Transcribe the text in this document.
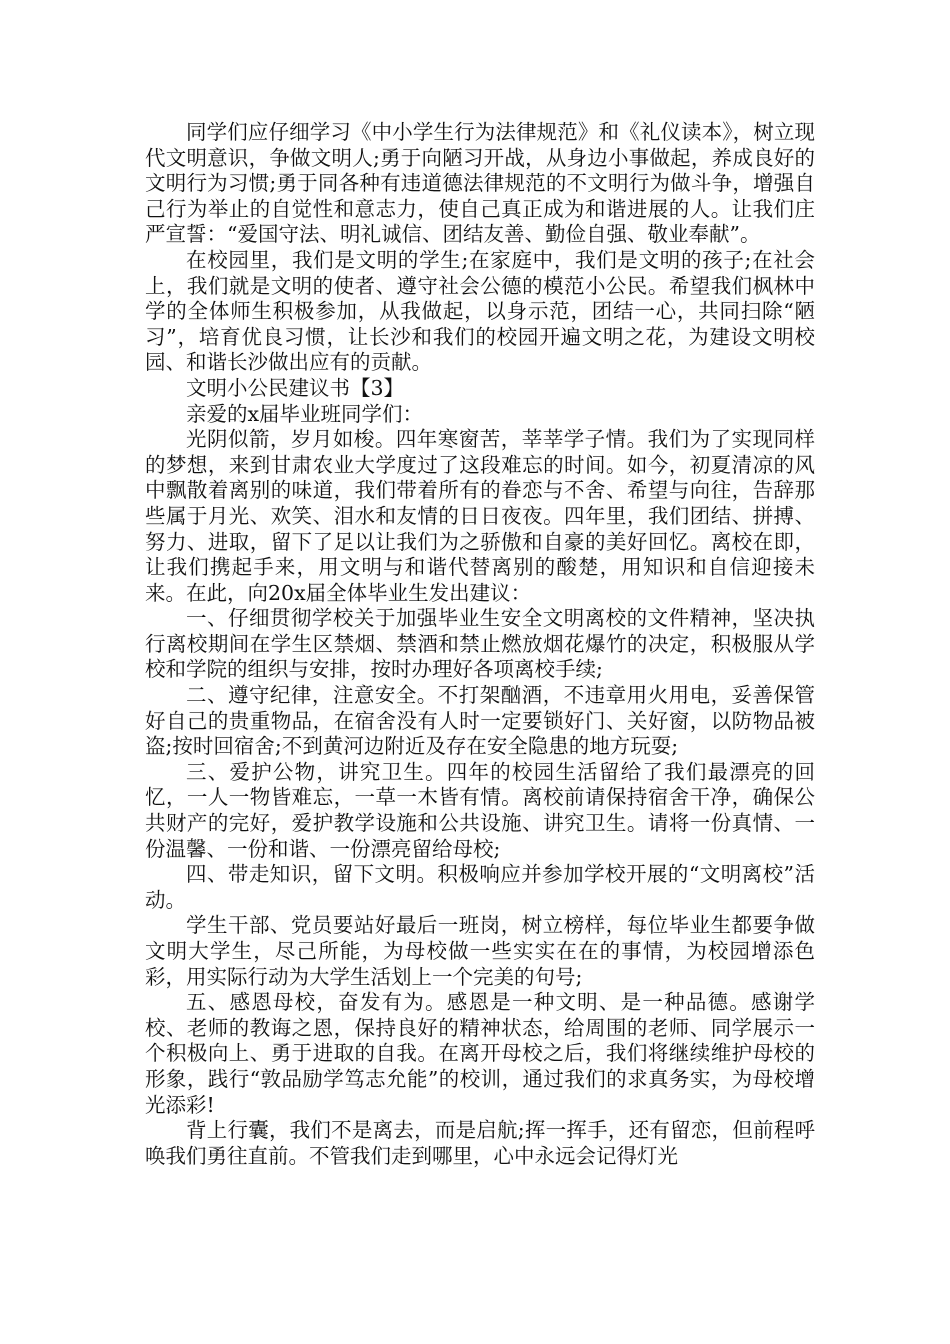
同学们应仔细学习《中小学生行为法律规范》和《礼仪读本》，树立现代文明意识，争做文明人;勇于向陋习开战，从身边小事做起，养成良好的文明行为习惯;勇于同各种有违道德法律规范的不文明行为做斗争，增强自己行为举止的自觉性和意志力，使自己真正成为和谐进展的人。让我们庄严宣誓：“爱国守法、明礼诚信、团结友善、勤俭自强、敬业奉献”。

在校园里，我们是文明的学生;在家庭中，我们是文明的孩子;在社会上，我们就是文明的使者、遵守社会公德的模范小公民。希望我们枫林中学的全体师生积极参加，从我做起，以身示范，团结一心，共同扫除“陋习”，培育优良习惯，让长沙和我们的校园开遍文明之花，为建设文明校园、和谐长沙做出应有的贡献。

文明小公民建议书【3】

亲爱的x届毕业班同学们：

光阴似箭，岁月如梭。四年寒窗苦，莘莘学子情。我们为了实现同样的梦想，来到甘肃农业大学度过了这段难忘的时间。如今，初夏清凉的风中飘散着离别的味道，我们带着所有的眷恋与不舍、希望与向往，告辞那些属于月光、欢笑、泪水和友情的日日夜夜。四年里，我们团结、拼搏、努力、进取，留下了足以让我们为之骄傲和自豪的美好回忆。离校在即，让我们携起手来，用文明与和谐代替离别的酸楚，用知识和自信迎接未来。在此，向20x届全体毕业生发出建议：

一、仔细贯彻学校关于加强毕业生安全文明离校的文件精神，坚决执行离校期间在学生区禁烟、禁酒和禁止燃放烟花爆竹的决定，积极服从学校和学院的组织与安排，按时办理好各项离校手续;

二、遵守纪律，注意安全。不打架酗酒，不违章用火用电，妥善保管好自己的贵重物品，在宿舍没有人时一定要锁好门、关好窗，以防物品被盗;按时回宿舍;不到黄河边附近及存在安全隐患的地方玩耍;

三、爱护公物，讲究卫生。四年的校园生活留给了我们最漂亮的回忆，一人一物皆难忘，一草一木皆有情。离校前请保持宿舍干净，确保公共财产的完好，爱护教学设施和公共设施、讲究卫生。请将一份真情、一份温馨、一份和谐、一份漂亮留给母校;

四、带走知识，留下文明。积极响应并参加学校开展的“文明离校”活动。

学生干部、党员要站好最后一班岗，树立榜样，每位毕业生都要争做文明大学生，尽己所能，为母校做一些实实在在的事情，为校园增添色彩，用实际行动为大学生活划上一个完美的句号;

五、感恩母校，奋发有为。感恩是一种文明、是一种品德。感谢学校、老师的教诲之恩，保持良好的精神状态，给周围的老师、同学展示一个积极向上、勇于进取的自我。在离开母校之后，我们将继续维护母校的形象，践行“敦品励学笃志允能”的校训，通过我们的求真务实，为母校增光添彩!

背上行囊，我们不是离去，而是启航;挥一挥手，还有留恋，但前程呼唤我们勇往直前。不管我们走到哪里，心中永远会记得灯光
